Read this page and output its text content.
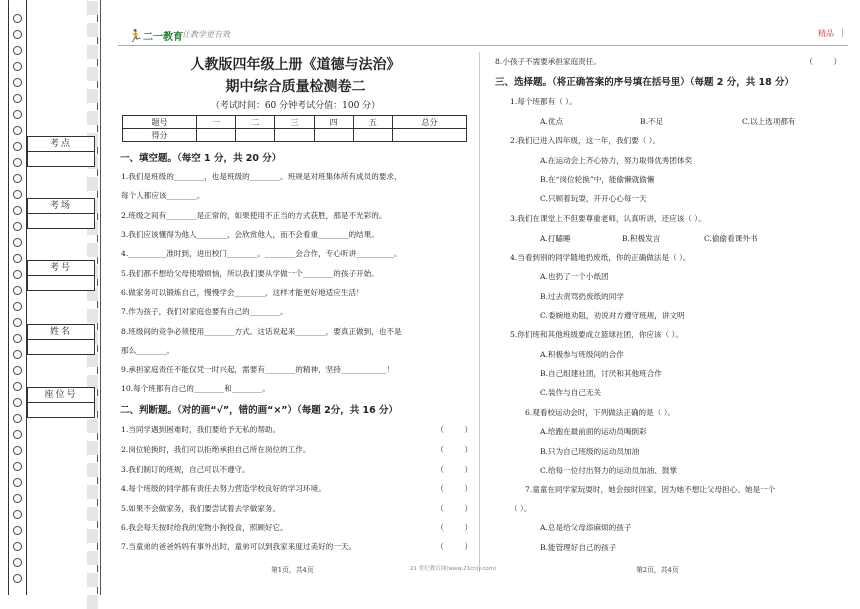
考点
考场
考号
姓名
座位号
🏃二一教育 让教学更有效	精品 |
人教版四年级上册《道德与法治》
期中综合质量检测卷二
（考试时间：60 分钟考试分值：100 分）
题号	一	二	三	四	五	总分
得分						
一、填空题。（每空 1 分，共 20 分）
1.我们是班级的________，也是班级的________。班规是对班集体所有成员的要求，
每个人都应该________。
2.班级之间有________是正常的，如果使用不正当的方式获胜，那是不光彩的。
3.我们应该懂得为他人________，会欣赏他人，而不会看重________的结果。
4.__________准时到，进出校门________。________会合作，专心听讲__________。
5.我们都不想给父母使增烦恼，所以我们要从学做一个________的孩子开始。
6.做家务可以锻炼自己，慢慢学会________，这样才能更好地适应生活！
7.作为孩子，我们对家庭也要有自己的________。
8.班级间的竞争必须使用________方式。这话说起来________，要真正做到，也不是
那么________。
9.承担家庭责任不能仅凭一时兴起，需要有________的精神，坚持____________！
10.每个班都有自己的________和________。
二、判断题。（对的画“√”，错的画“×”）（每题 2分，共 16 分）
1.当同学遇到困难时，我们要给予无私的帮助。	（        ）
2.岗位轮换时，我们可以拒绝承担自己所在岗位的工作。	（        ）
3.我们制订的班规，自己可以不遵守。	（        ）
4.每个班级的同学都有责任去努力营造学校良好的学习环境。	（        ）
5.如果不会做家务，我们要尝试着去学做家务。	（        ）
6.我会每天按时给我的宠物小狗投食，照顾好它。	（        ）
7.当童弟的爸爸妈妈有事外出时，童弟可以到我家来度过美好的一天。	（        ）
8.小孩子不需要承担家庭责任。	（        ）
三、选择题。（将正确答案的序号填在括号里）（每题 2 分，共 18 分）
1.每个班都有（ ）。
A.优点	B.不足	C.以上选项都有
2.我们已进入四年级，这一年，我们要（ ）。
A.在运动会上齐心协力，努力取得优秀团体奖
B.在“岗位轮换”中，能偷懒就偷懒
C.只顾着玩耍，开开心心每一天
3.我们在课堂上不但要尊重老师，认真听讲，还应该（ ）。
A.打瞌睡	B.积极发言	C.偷偷看课外书
4.当看到别的同学随地扔废纸，你的正确做法是（ ）。
A.也扔了一个小纸团
B.过去责骂扔废纸的同学
C.委婉地劝阻，劝说对方遵守班规，讲文明
5.你们班和其他班级要成立篮球社团，你应该（ ）。
A.积极参与班级间的合作
B.自己组建社团，讨厌和其他班合作
C.装作与自己无关
6.观看校运动会时，下列做法正确的是（ ）。
A.给跑在最前面的运动员喝倒彩
B.只为自己班级的运动员加油
C.给每一位付出努力的运动员加油、鼓掌
7.童童在同学家玩耍时，她会按时回家，因为她不想让父母担心。她是一个
（ ）。
A.总是给父母添麻烦的孩子
B.能管理好自己的孩子
第1页，共4页	21 世纪教育网(www.21cnjy.com)	第2页，共4页
